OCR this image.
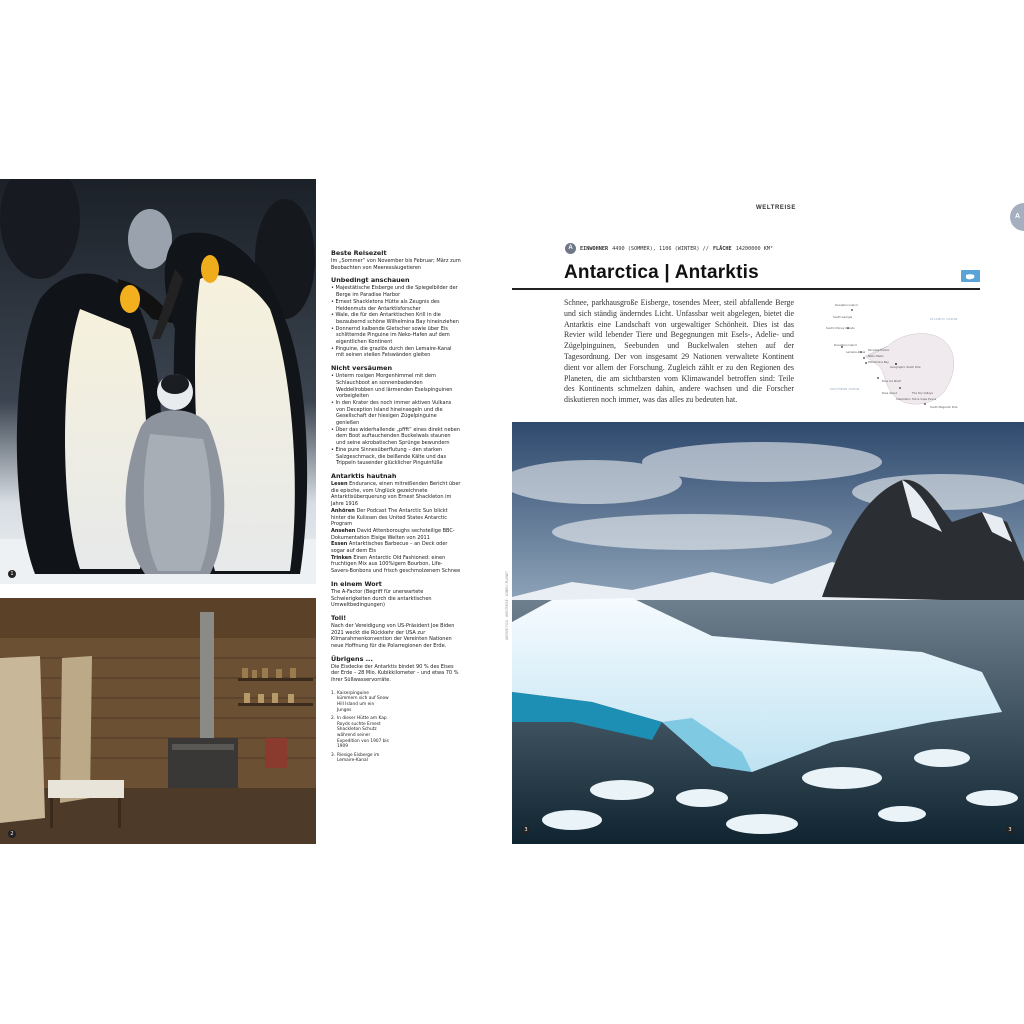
1
2
Beste Reisezeit

Im „Sommer“ von November bis Februar; März zum Beobachten von Meeressäugetieren

Unbedingt anschauen
• Majestätische Eisberge und die Spiegelbilder der Berge im Paradise Harbor
• Ernest Shackletons Hütte als Zeugnis des Heldenmuts der Antarktisforscher
• Wale, die für den Antarktischen Krill in die bezaubernd schöne Wilhelmina Bay hineinziehen
• Donnernd kalbende Gletscher sowie über Eis schlitternde Pinguine im Neko-Hafen auf dem eigentlichen Kontinent
• Pinguine, die grazlös durch den Lemaire-Kanal mit seinen steilen Felswänden gleiten
Nicht versäumen
• Unterm rosigen Morgenhimmel mit dem Schlauchboot an sonnenbadenden Weddellrobben und lärmenden Eselspinguinen vorbeigleiten
• In den Krater des noch immer aktiven Vulkans von Deception Island hineinsegeln und die Gesellschaft der hiesigen Zügelpinguine genießen
• Über das widerhallende „pffft“ eines direkt neben dem Boot auftauchenden Buckelwals staunen und seine akrobatischen Sprünge bewundern
• Eine pure Sinnesüberflutung – den starken Salzgeschmack, die beißende Kälte und das Trippeln tausender glücklicher Pinguinfüße
Antarktis hautnah
Lesen Endurance, einen mitreißenden Bericht über die epische, vom Unglück gezeichnete Antarktisüberquerung von Ernest Shackleton im Jahre 1916
Anhören Der Podcast The Antarctic Sun blickt hinter die Kulissen des United States Antarctic Program
Ansehen David Attenboroughs sechsteilige BBC-Dokumentation Eisige Welten von 2011
Essen Antarktisches Barbecue – an Deck oder sogar auf dem Eis
Trinken Einen Antarctic Old Fashioned: einen fruchtigen Mix aus 100%igem Bourbon, Life-Savers-Bonbons und frisch geschmolzenem Schnee
In einem Wort

The A-Factor (Begriff für unerwartete Schwierigkeiten durch die antarktischen Umweltbedingungen)

Toll!

Nach der Vereidigung von US-Präsident Joe Biden 2021 weckt die Rückkehr der USA zur Klimarahmenkonvention der Vereinten Nationen neue Hoffnung für die Polarregionen der Erde.

Übrigens ...

Die Eisdecke der Antarktis bindet 90 % des Eises der Erde – 28 Mio. Kubikkilometer – und etwa 70 % ihrer Süßwasservorräte.

1. Kaiserpinguine kümmern sich auf Snow Hill Island um ein Junges
2. In dieser Hütte am Kap Royds suchte Ernest Shackleton Schutz während seiner Expedition von 1907 bis 1909
3. Riesige Eisberge im Lemaire-Kanal
ANTARCTICA · WELTREISE · LONELY PLANET
WELTREISE
A
A	EINWOHNER 4490 (SOMMER), 1106 (WINTER) // FLÄCHE 14200000 KM²
Antarctica | Antarktis
Schnee, parkhausgroße Eisberge, tosendes Meer, steil abfallende Berge und sich ständig änderndes Licht. Unfassbar weit abgelegen, bietet die Antarktis eine Landschaft von urgewaltiger Schönheit. Dies ist das Revier wild lebender Tiere und Begegnungen mit Esels-, Adelie- und Zügelpinguinen, Seebunden und Buckelwalen stehen auf der Tagesordnung. Der von insgesamt 29 Nationen verwaltete Kontinent dient vor allem der Forschung. Zugleich zählt er zu den Regionen des Planeten, die am sichtbarsten vom Klimawandel betroffen sind: Teile des Kontinents schmelzen dahin, andere wachsen und die Forscher diskutieren noch immer, was das alles zu bedeuten hat.
Deception Island
South Georgia
South Orkney Islands
Deception Island
Lemaire-Kanal Paradise Harbor
Neko-Hafen
Wilhelmina Bay
Geographic South Pole
Ross Ice Shelf
Ross Island	The Dry Valleys
Shackleton Hut & Cape Evans
South Magnetic Pole
ATLANTIC OCEAN
SOUTHERN OCEAN
3	3
